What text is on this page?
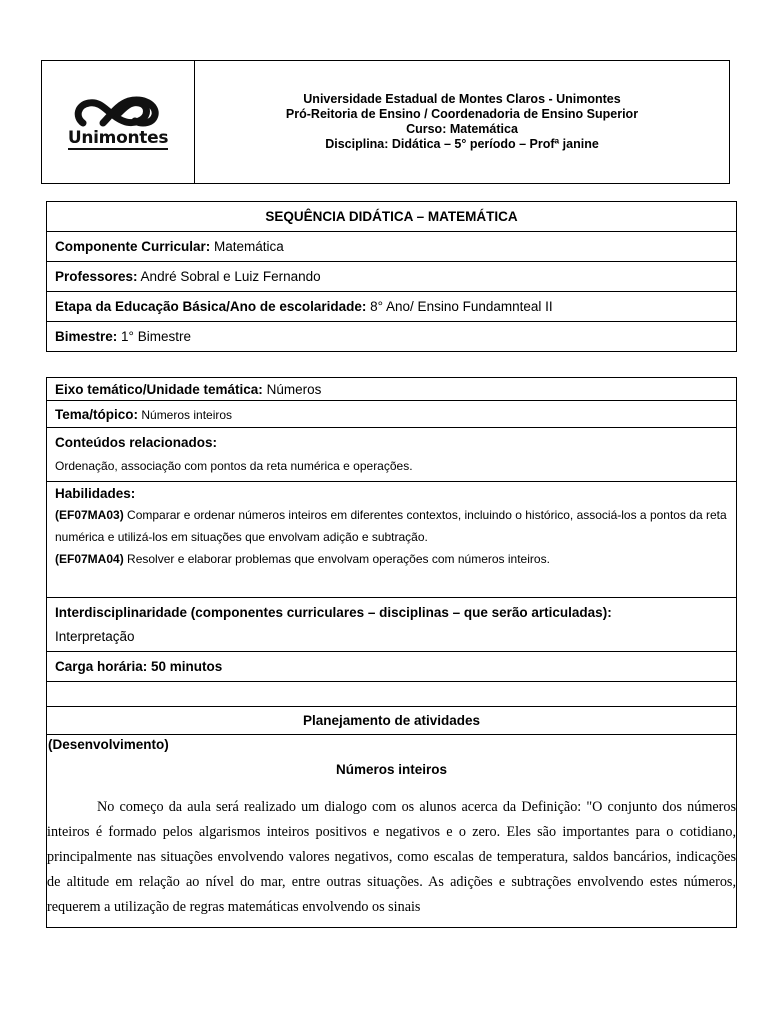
Unimontes
Universidade Estadual de Montes Claros - Unimontes
Pró-Reitoria de Ensino / Coordenadoria de Ensino Superior
Curso: Matemática
Disciplina: Didática – 5° período – Profª janine
SEQUÊNCIA DIDÁTICA – MATEMÁTICA
Componente Curricular: Matemática
Professores: André Sobral e Luiz Fernando
Etapa da Educação Básica/Ano de escolaridade: 8° Ano/ Ensino Fundamnteal II
Bimestre: 1° Bimestre
Eixo temático/Unidade temática: Números
Tema/tópico: Números inteiros

Conteúdos relacionados:
Ordenação, associação com pontos da reta numérica e operações.

Habilidades:

(EF07MA03) Comparar e ordenar números inteiros em diferentes contextos, incluindo o histórico, associá-los a pontos da reta numérica e utilizá-los em situações que envolvam adição e subtração.

(EF07MA04) Resolver e elaborar problemas que envolvam operações com números inteiros.

Interdisciplinaridade (componentes curriculares – disciplinas – que serão articuladas):
Interpretação

Carga horária: 50 minutos

Planejamento de atividades

(Desenvolvimento)
Números inteiros

No começo da aula será realizado um dialogo com os alunos acerca da Definição: "O conjunto dos números inteiros é formado pelos algarismos inteiros positivos e negativos e o zero. Eles são importantes para o cotidiano, principalmente nas situações envolvendo valores negativos, como escalas de temperatura, saldos bancários, indicações de altitude em relação ao nível do mar, entre outras situações. As adições e subtrações envolvendo estes números, requerem a utilização de regras matemáticas envolvendo os sinais
